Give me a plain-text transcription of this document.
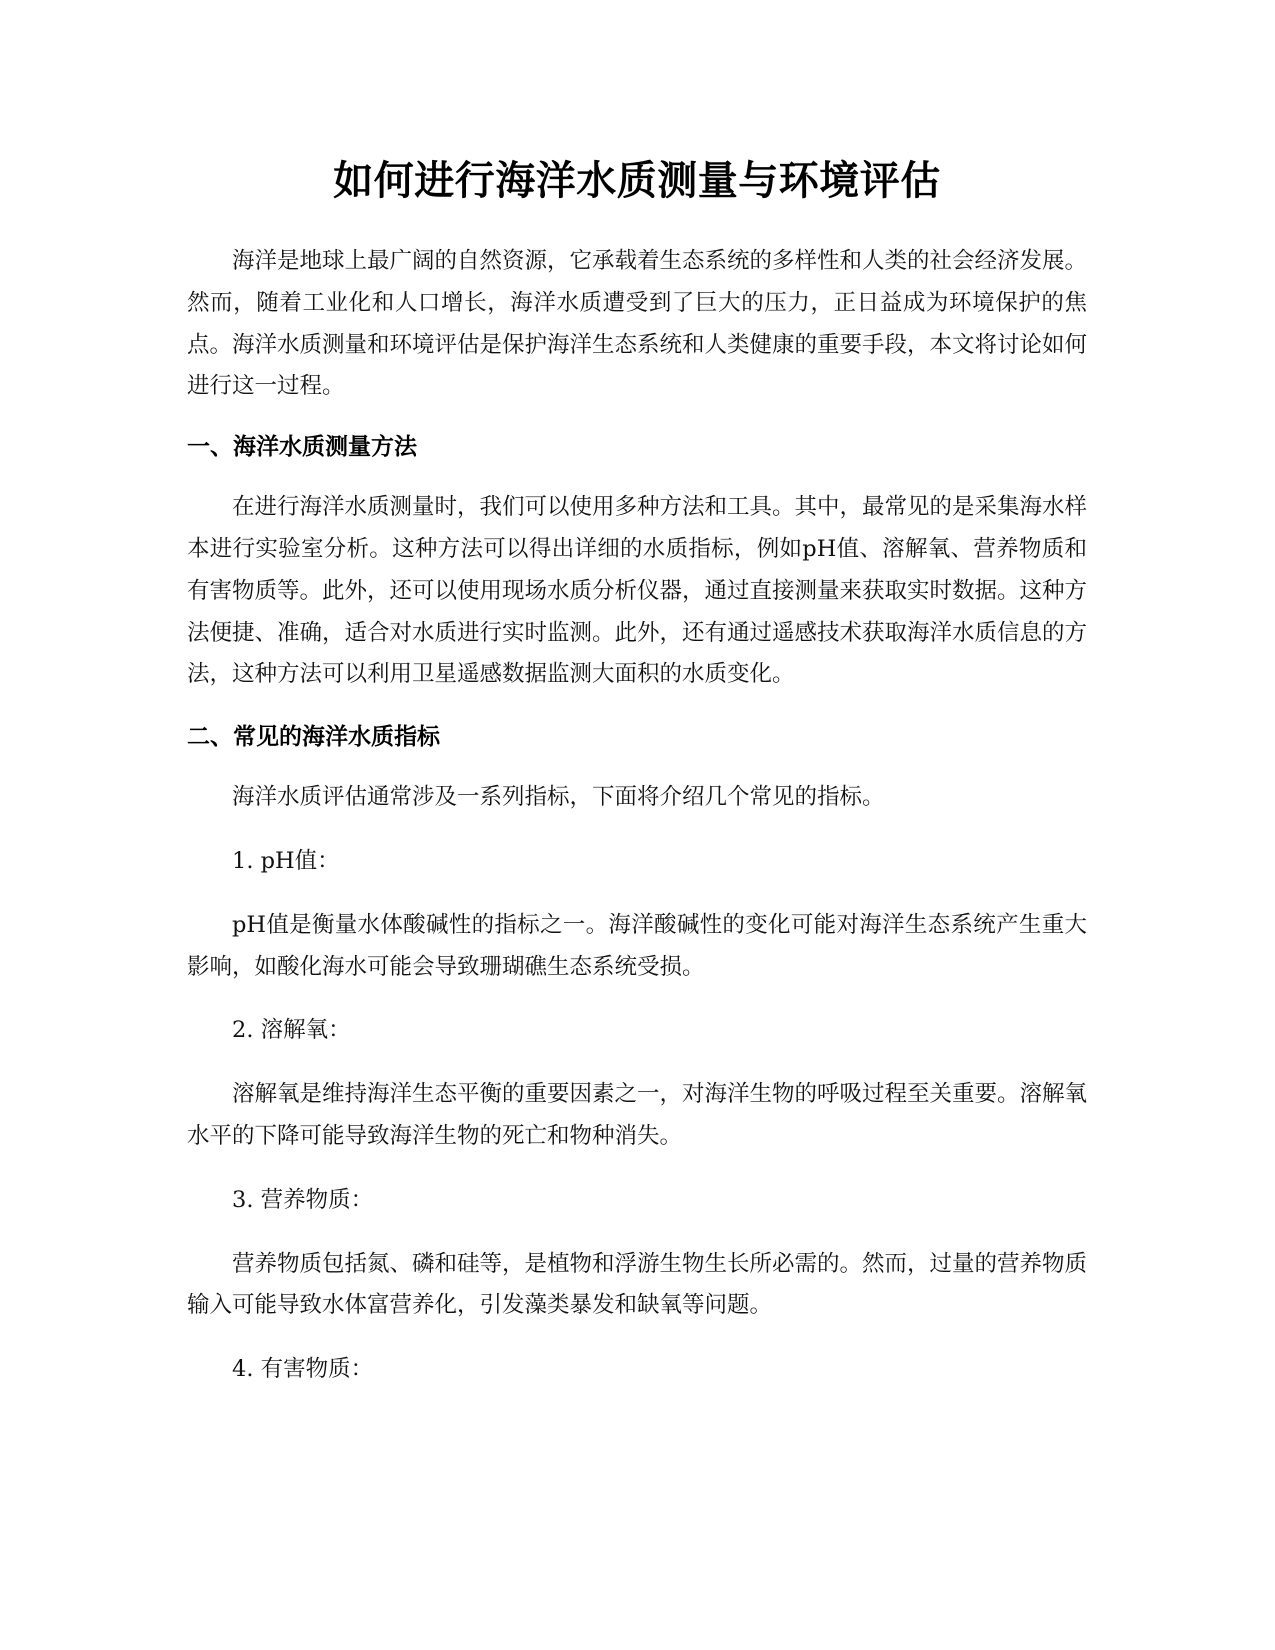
如何进行海洋水质测量与环境评估

海洋是地球上最广阔的自然资源，它承载着生态系统的多样性和人类的社会经济发展。然而，随着工业化和人口增长，海洋水质遭受到了巨大的压力，正日益成为环境保护的焦点。海洋水质测量和环境评估是保护海洋生态系统和人类健康的重要手段，本文将讨论如何进行这一过程。

一、海洋水质测量方法

在进行海洋水质测量时，我们可以使用多种方法和工具。其中，最常见的是采集海水样本进行实验室分析。这种方法可以得出详细的水质指标，例如pH值、溶解氧、营养物质和有害物质等。此外，还可以使用现场水质分析仪器，通过直接测量来获取实时数据。这种方法便捷、准确，适合对水质进行实时监测。此外，还有通过遥感技术获取海洋水质信息的方法，这种方法可以利用卫星遥感数据监测大面积的水质变化。

二、常见的海洋水质指标

海洋水质评估通常涉及一系列指标，下面将介绍几个常见的指标。

1. pH值：

pH值是衡量水体酸碱性的指标之一。海洋酸碱性的变化可能对海洋生态系统产生重大影响，如酸化海水可能会导致珊瑚礁生态系统受损。

2. 溶解氧：

溶解氧是维持海洋生态平衡的重要因素之一，对海洋生物的呼吸过程至关重要。溶解氧水平的下降可能导致海洋生物的死亡和物种消失。

3. 营养物质：

营养物质包括氮、磷和硅等，是植物和浮游生物生长所必需的。然而，过量的营养物质输入可能导致水体富营养化，引发藻类暴发和缺氧等问题。

4. 有害物质：
